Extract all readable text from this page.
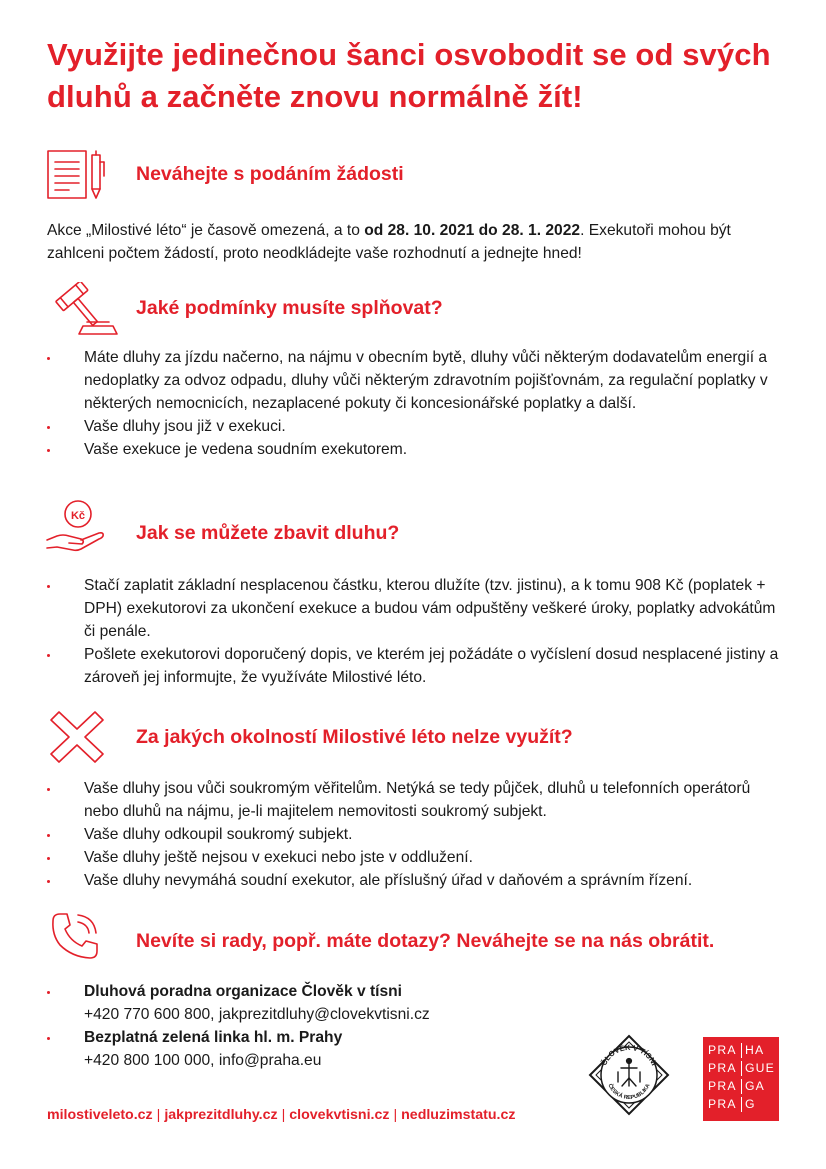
Využijte jedinečnou šanci osvobodit se od svých dluhů a začněte znovu normálně žít!
Neváhejte s podáním žádosti

Akce „Milostivé léto“ je časově omezená, a to od 28. 10. 2021 do 28. 1. 2022. Exekutoři mohou být zahlceni počtem žádostí, proto neodkládejte vaše rozhodnutí a jednejte hned!

Jaké podmínky musíte splňovat?
Máte dluhy za jízdu načerno, na nájmu v obecním bytě, dluhy vůči některým dodavatelům energií a nedoplatky za odvoz odpadu, dluhy vůči některým zdravotním pojišťovnám, za regulační poplatky v některých nemocnicích, nezaplacené pokuty či koncesionářské poplatky a další.
Vaše dluhy jsou již v exekuci.
Vaše exekuce je vedena soudním exekutorem.
Kč
Jak se můžete zbavit dluhu?
Stačí zaplatit základní nesplacenou částku, kterou dlužíte (tzv. jistinu), a k tomu 908 Kč (poplatek + DPH) exekutorovi za ukončení exekuce a budou vám odpuštěny veškeré úroky, poplatky advokátům či penále.
Pošlete exekutorovi doporučený dopis, ve kterém jej požádáte o vyčíslení dosud nesplacené jistiny a zároveň jej informujte, že využíváte Milostivé léto.
Za jakých okolností Milostivé léto nelze využít?
Vaše dluhy jsou vůči soukromým věřitelům. Netýká se tedy půjček, dluhů u telefonních operátorů nebo dluhů na nájmu, je-li majitelem nemovitosti soukromý subjekt.
Vaše dluhy odkoupil soukromý subjekt.
Vaše dluhy ještě nejsou v exekuci nebo jste v oddlužení.
Vaše dluhy nevymáhá soudní exekutor, ale příslušný úřad v daňovém a správním řízení.
Nevíte si rady, popř. máte dotazy? Neváhejte se na nás obrátit.
Dluhová poradna organizace Člověk v tísni
+420 770 600 800, jakprezitdluhy@clovekvtisni.cz
Bezplatná zelená linka hl. m. Prahy
+420 800 100 000, info@praha.eu

milostiveleto.cz | jakprezitdluhy.cz | clovekvtisni.cz | nedluzimstatu.cz

ČLOVĚK V TÍSNI
ČESKÁ REPUBLIKA
PRA HA
PRA GUE
PRA GA
PRA G
